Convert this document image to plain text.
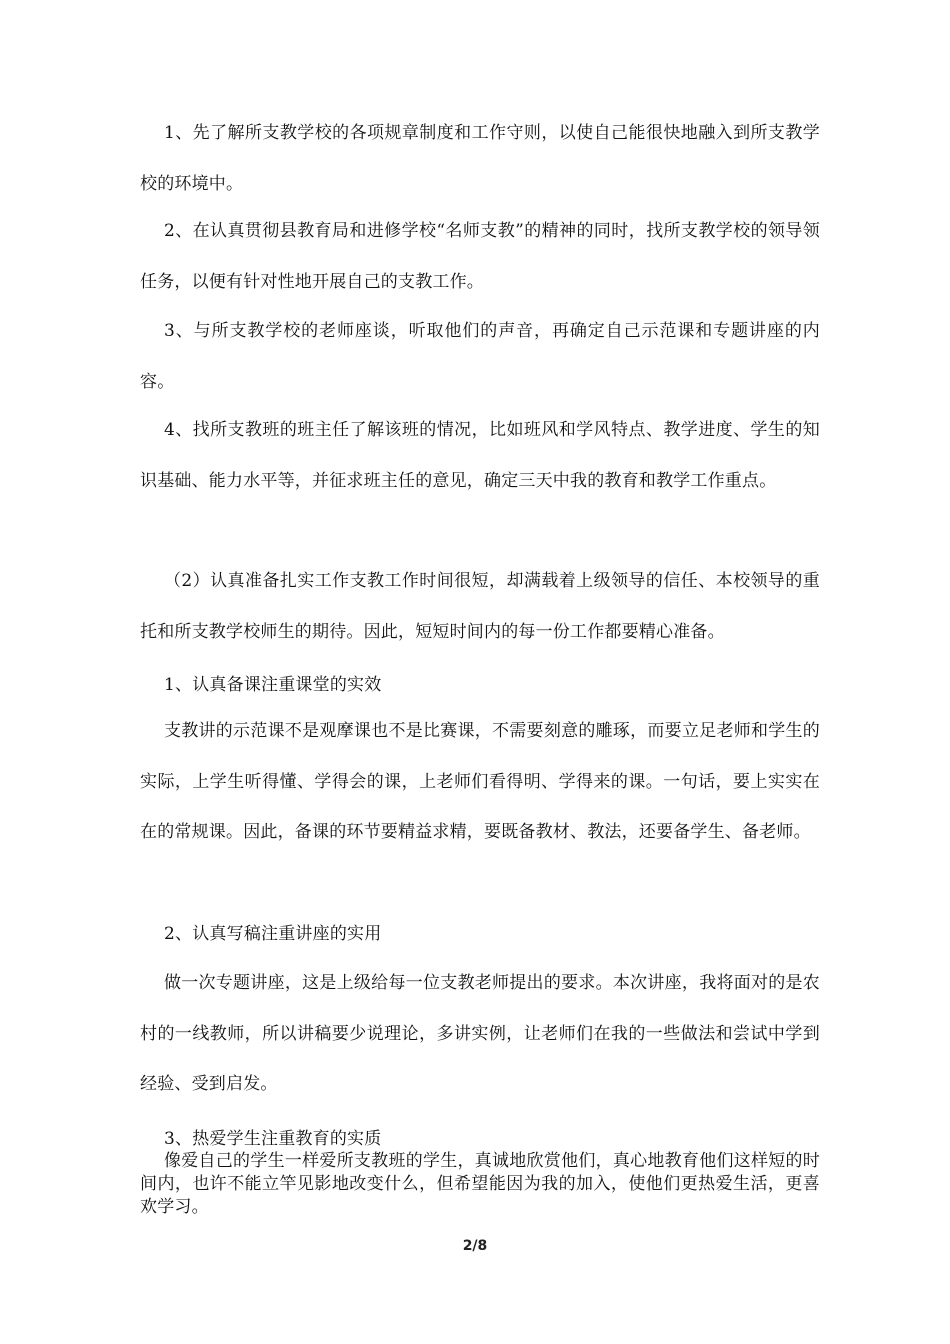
1、先了解所支教学校的各项规章制度和工作守则，以使自己能很快地融入到所支教学校的环境中。

2、在认真贯彻县教育局和进修学校“名师支教”的精神的同时，找所支教学校的领导领任务，以便有针对性地开展自己的支教工作。

3、与所支教学校的老师座谈，听取他们的声音，再确定自己示范课和专题讲座的内容。

4、找所支教班的班主任了解该班的情况，比如班风和学风特点、教学进度、学生的知识基础、能力水平等，并征求班主任的意见，确定三天中我的教育和教学工作重点。

（2）认真准备扎实工作支教工作时间很短，却满载着上级领导的信任、本校领导的重托和所支教学校师生的期待。因此，短短时间内的每一份工作都要精心准备。

1、认真备课注重课堂的实效

支教讲的示范课不是观摩课也不是比赛课，不需要刻意的雕琢，而要立足老师和学生的实际，上学生听得懂、学得会的课，上老师们看得明、学得来的课。一句话，要上实实在在的常规课。因此，备课的环节要精益求精，要既备教材、教法，还要备学生、备老师。

2、认真写稿注重讲座的实用

做一次专题讲座，这是上级给每一位支教老师提出的要求。本次讲座，我将面对的是农村的一线教师，所以讲稿要少说理论，多讲实例，让老师们在我的一些做法和尝试中学到经验、受到启发。

3、热爱学生注重教育的实质

像爱自己的学生一样爱所支教班的学生，真诚地欣赏他们，真心地教育他们这样短的时间内，也许不能立竿见影地改变什么，但希望能因为我的加入，使他们更热爱生活，更喜欢学习。

2/8
